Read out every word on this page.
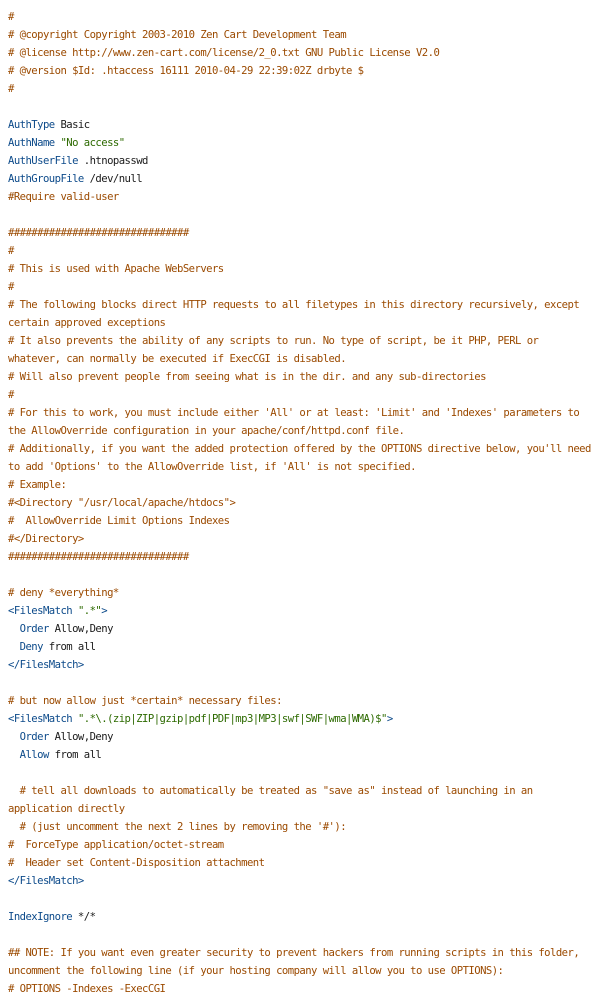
#
# @copyright Copyright 2003-2010 Zen Cart Development Team
# @license http://www.zen-cart.com/license/2_0.txt GNU Public License V2.0
# @version $Id: .htaccess 16111 2010-04-29 22:39:02Z drbyte $
#
AuthType Basic
AuthName "No access"
AuthUserFile .htnopasswd
AuthGroupFile /dev/null
#Require valid-user
###############################
#
# This is used with Apache WebServers
#
# The following blocks direct HTTP requests to all filetypes in this directory recursively, except certain approved exceptions
# It also prevents the ability of any scripts to run. No type of script, be it PHP, PERL or whatever, can normally be executed if ExecCGI is disabled.
# Will also prevent people from seeing what is in the dir. and any sub-directories
#
# For this to work, you must include either 'All' or at least: 'Limit' and 'Indexes' parameters to the AllowOverride configuration in your apache/conf/httpd.conf file.
# Additionally, if you want the added protection offered by the OPTIONS directive below, you'll need to add 'Options' to the AllowOverride list, if 'All' is not specified.
# Example:
#<Directory "/usr/local/apache/htdocs">
#  AllowOverride Limit Options Indexes
#</Directory>
###############################
# deny *everything*
<FilesMatch ".*">
Order Allow,Deny
Deny from all
</FilesMatch>
# but now allow just *certain* necessary files:
<FilesMatch ".*\.(zip|ZIP|gzip|pdf|PDF|mp3|MP3|swf|SWF|wma|WMA)$">
Order Allow,Deny
Allow from all
# tell all downloads to automatically be treated as "save as" instead of launching in an application directly
# (just uncomment the next 2 lines by removing the '#'):
#  ForceType application/octet-stream
#  Header set Content-Disposition attachment
</FilesMatch>
IndexIgnore */*
## NOTE: If you want even greater security to prevent hackers from running scripts in this folder, uncomment the following line (if your hosting company will allow you to use OPTIONS):
# OPTIONS -Indexes -ExecCGI
